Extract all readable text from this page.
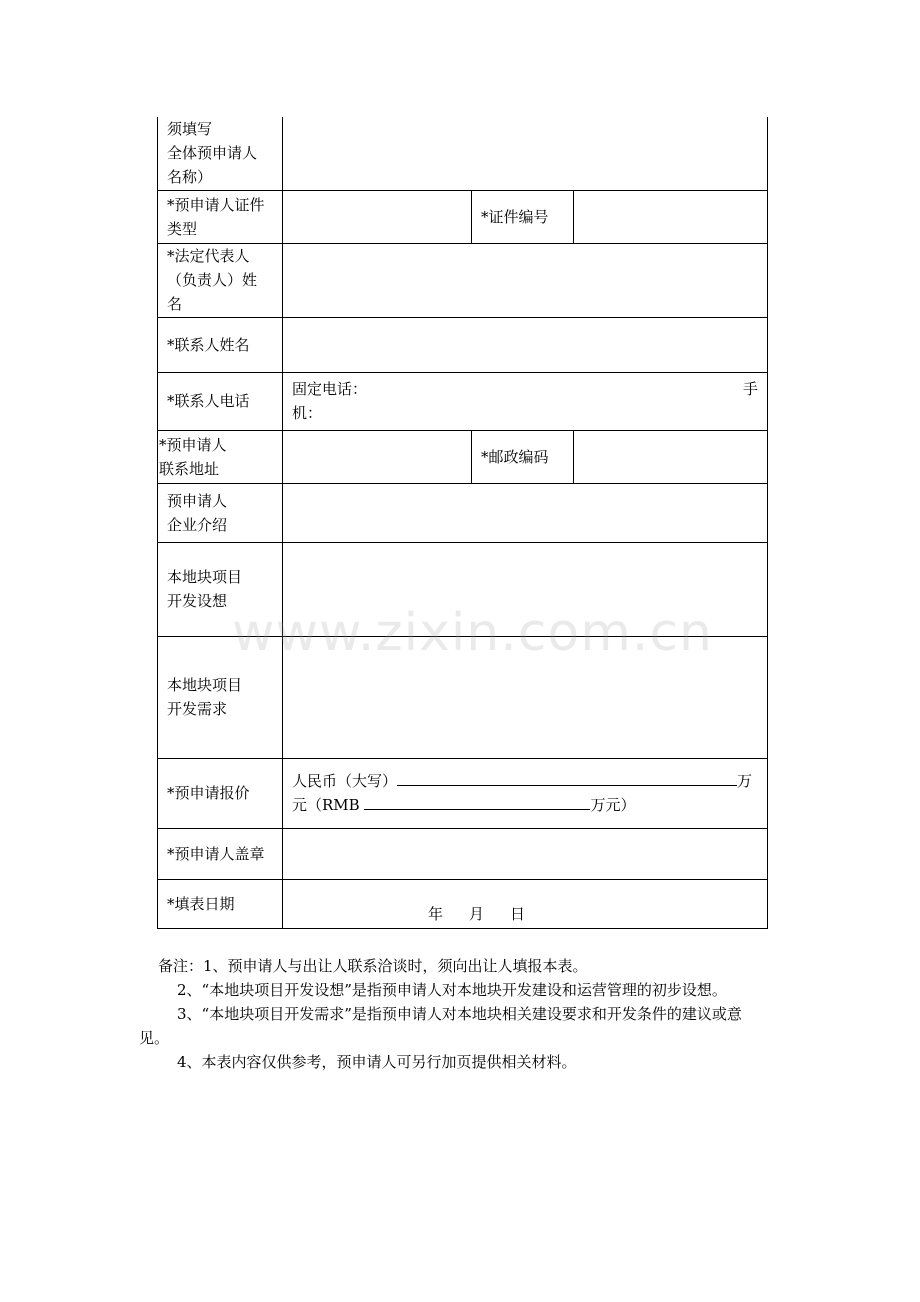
须填写
全体预申请人
名称）			

*预申请人证件
类型		*证件编号	

*法定代表人
（负责人）姓
名			

*联系人姓名			
*联系人电话	固定电话： 手
机：		

*预申请人
联系地址		*邮政编码	

预申请人
企业介绍			

本地块项目
开发设想			

本地块项目
开发需求			

*预申请报价	人民币（大写） 万
元（RMB 万元）		

*预申请人盖章			
*填表日期	年 月 日		

备注：1、预申请人与出让人联系洽谈时，须向出让人填报本表。

2、“本地块项目开发设想”是指预申请人对本地块开发建设和运营管理的初步设想。

3、“本地块项目开发需求”是指预申请人对本地块相关建设要求和开发条件的建议或意

见。

4、本表内容仅供参考，预申请人可另行加页提供相关材料。

www.zixin.com.cn
